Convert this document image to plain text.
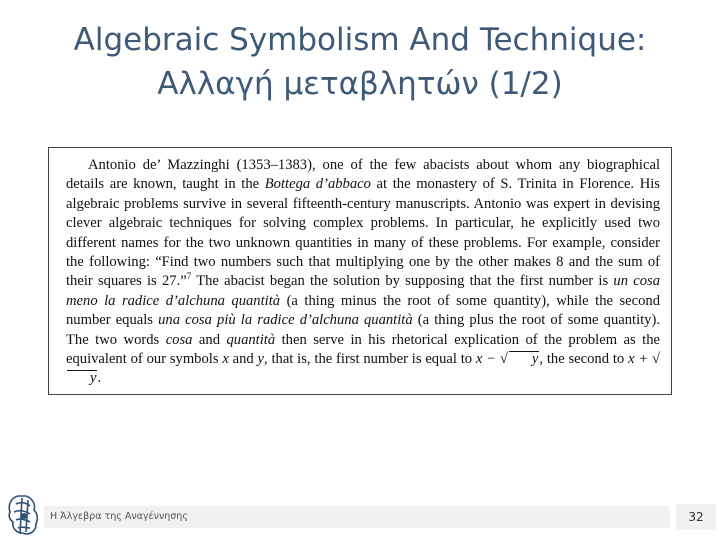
Algebraic Symbolism And Technique:
Αλλαγή μεταβλητών (1/2)

Antonio de’ Mazzinghi (1353–1383), one of the few abacists about whom any biographical details are known, taught in the Bottega d’abbaco at the monastery of S. Trinita in Florence. His algebraic problems survive in several fifteenth-century manuscripts. Antonio was expert in devising clever algebraic techniques for solving complex problems. In particular, he explicitly used two different names for the two unknown quantities in many of these problems. For example, consider the following: “Find two numbers such that multiplying one by the other makes 8 and the sum of their squares is 27.”$^7$ The abacist began the solution by supposing that the first number is un cosa meno la radice d’alchuna quantità (a thing minus the root of some quantity), while the second number equals una cosa più la radice d’alchuna quantità (a thing plus the root of some quantity). The two words cosa and quantità then serve in his rhetorical explication of the problem as the equivalent of our symbols x and y, that is, the first number is equal to x − √ y, the second to x + √y.

Η Άλγεβρα της Αναγέννησης	32
